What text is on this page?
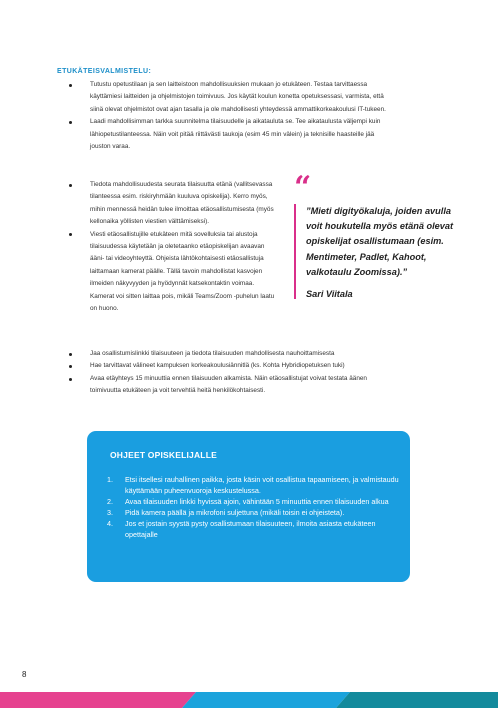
ETUKÄTEISVALMISTELU:
Tutustu opetustilaan ja sen laitteistoon mahdollisuuksien mukaan jo etukäteen. Testaa tarvittaessa käyttämiesi laitteiden ja ohjelmistojen toimivuus. Jos käytät koulun konetta opetuksessasi, varmista, että siinä olevat ohjelmistot ovat ajan tasalla ja ole mahdollisesti yhteydessä ammattikorkeakoulusi IT-tukeen.
Laadi mahdollisimman tarkka suunnitelma tilaisuudelle ja aikatauluta se. Tee aikataulusta väljempi kuin lähiopetustilanteessa. Näin voit pitää riittävästi taukoja (esim 45 min välein) ja teknisille haasteille jää jouston varaa.
Tiedota mahdollisuudesta seurata tilaisuutta etänä (vallitsevassa tilanteessa esim. riskiryhmään kuuluva opiskelija). Kerro myös, mihin mennessä heidän tulee ilmoittaa etäosallistumisesta (myös kellonaika yöllisten viestien välttämiseksi).
Viesti etäosallistujille etukäteen mitä sovelluksia tai alustoja tilaisuudessa käytetään ja oletetaanko etäopiskelijan avaavan ääni- tai videoyhteyttä. Ohjeista lähtökohtaisesti etäosallistuja laittamaan kamerat päälle. Tällä tavoin mahdollistat kasvojen ilmeiden näkyvyyden ja hyödynnät katsekontaktin voimaa. Kamerat voi sitten laittaa pois, mikäli Teams/Zoom -puhelun laatu on huono.
Jaa osallistumislinkki tilaisuuteen ja tiedota tilaisuuden mahdollisesta nauhoittamisesta
Hae tarvittavat välineet kampuksen korkeakoulusiännitlä (ks. Kohta Hybridiopetuksen tuki)
Avaa etäyhteys 15 minuuttia ennen tilaisuuden alkamista. Näin etäosallistujat voivat testata äänen toimivuutta etukäteen ja voit tervehtiä heitä henkilökohtaisesti.
“
”Mieti digityökaluja, joiden avulla voit houkutella myös etänä olevat opiskelijat osallistumaan (esim. Mentimeter, Padlet, Kahoot, valkotaulu Zoomissa).”
Sari Viitala
OHJEET OPISKELIJALLE
1. Etsi itsellesi rauhallinen paikka, josta käsin voit osallistua tapaamiseen, ja valmistaudu käyttämään puheenvuoroja keskustelussa.
2. Avaa tilaisuuden linkki hyvissä ajoin, vähintään 5 minuuttia ennen tilaisuuden alkua
3. Pidä kamera päällä ja mikrofoni suljettuna (mikäli toisin ei ohjeisteta).
4. Jos et jostain syystä pysty osallistumaan tilaisuuteen, ilmoita asiasta etukäteen opettajalle
8
